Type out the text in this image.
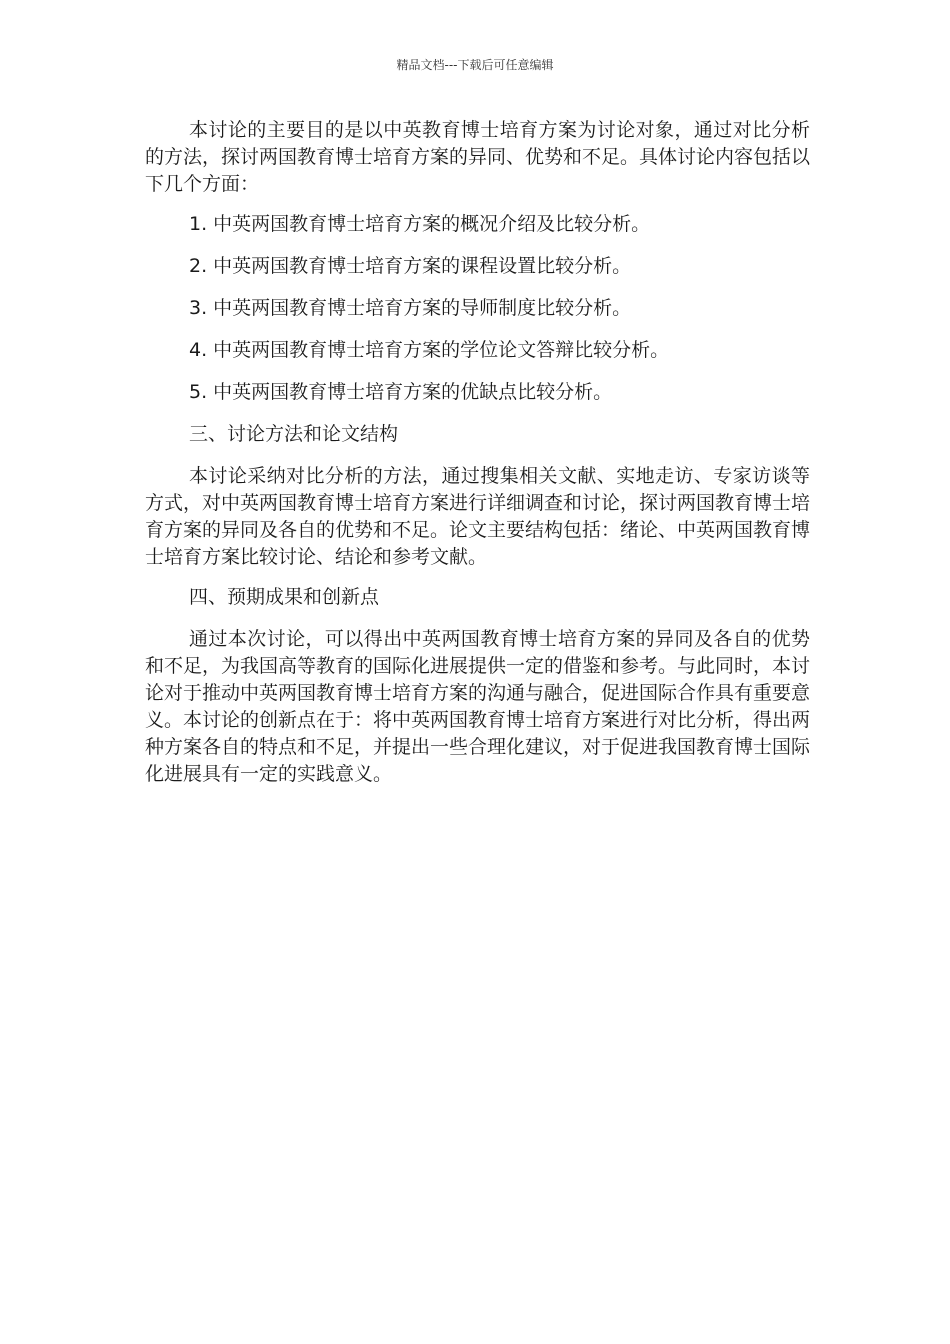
精品文档---下载后可任意编辑

本讨论的主要目的是以中英教育博士培育方案为讨论对象，通过对比分析的方法，探讨两国教育博士培育方案的异同、优势和不足。具体讨论内容包括以下几个方面：

1. 中英两国教育博士培育方案的概况介绍及比较分析。

2. 中英两国教育博士培育方案的课程设置比较分析。

3. 中英两国教育博士培育方案的导师制度比较分析。

4. 中英两国教育博士培育方案的学位论文答辩比较分析。

5. 中英两国教育博士培育方案的优缺点比较分析。

三、讨论方法和论文结构

本讨论采纳对比分析的方法，通过搜集相关文献、实地走访、专家访谈等方式，对中英两国教育博士培育方案进行详细调查和讨论，探讨两国教育博士培育方案的异同及各自的优势和不足。论文主要结构包括：绪论、中英两国教育博士培育方案比较讨论、结论和参考文献。

四、预期成果和创新点

通过本次讨论，可以得出中英两国教育博士培育方案的异同及各自的优势和不足，为我国高等教育的国际化进展提供一定的借鉴和参考。与此同时，本讨论对于推动中英两国教育博士培育方案的沟通与融合，促进国际合作具有重要意义。本讨论的创新点在于：将中英两国教育博士培育方案进行对比分析，得出两种方案各自的特点和不足，并提出一些合理化建议，对于促进我国教育博士国际化进展具有一定的实践意义。
